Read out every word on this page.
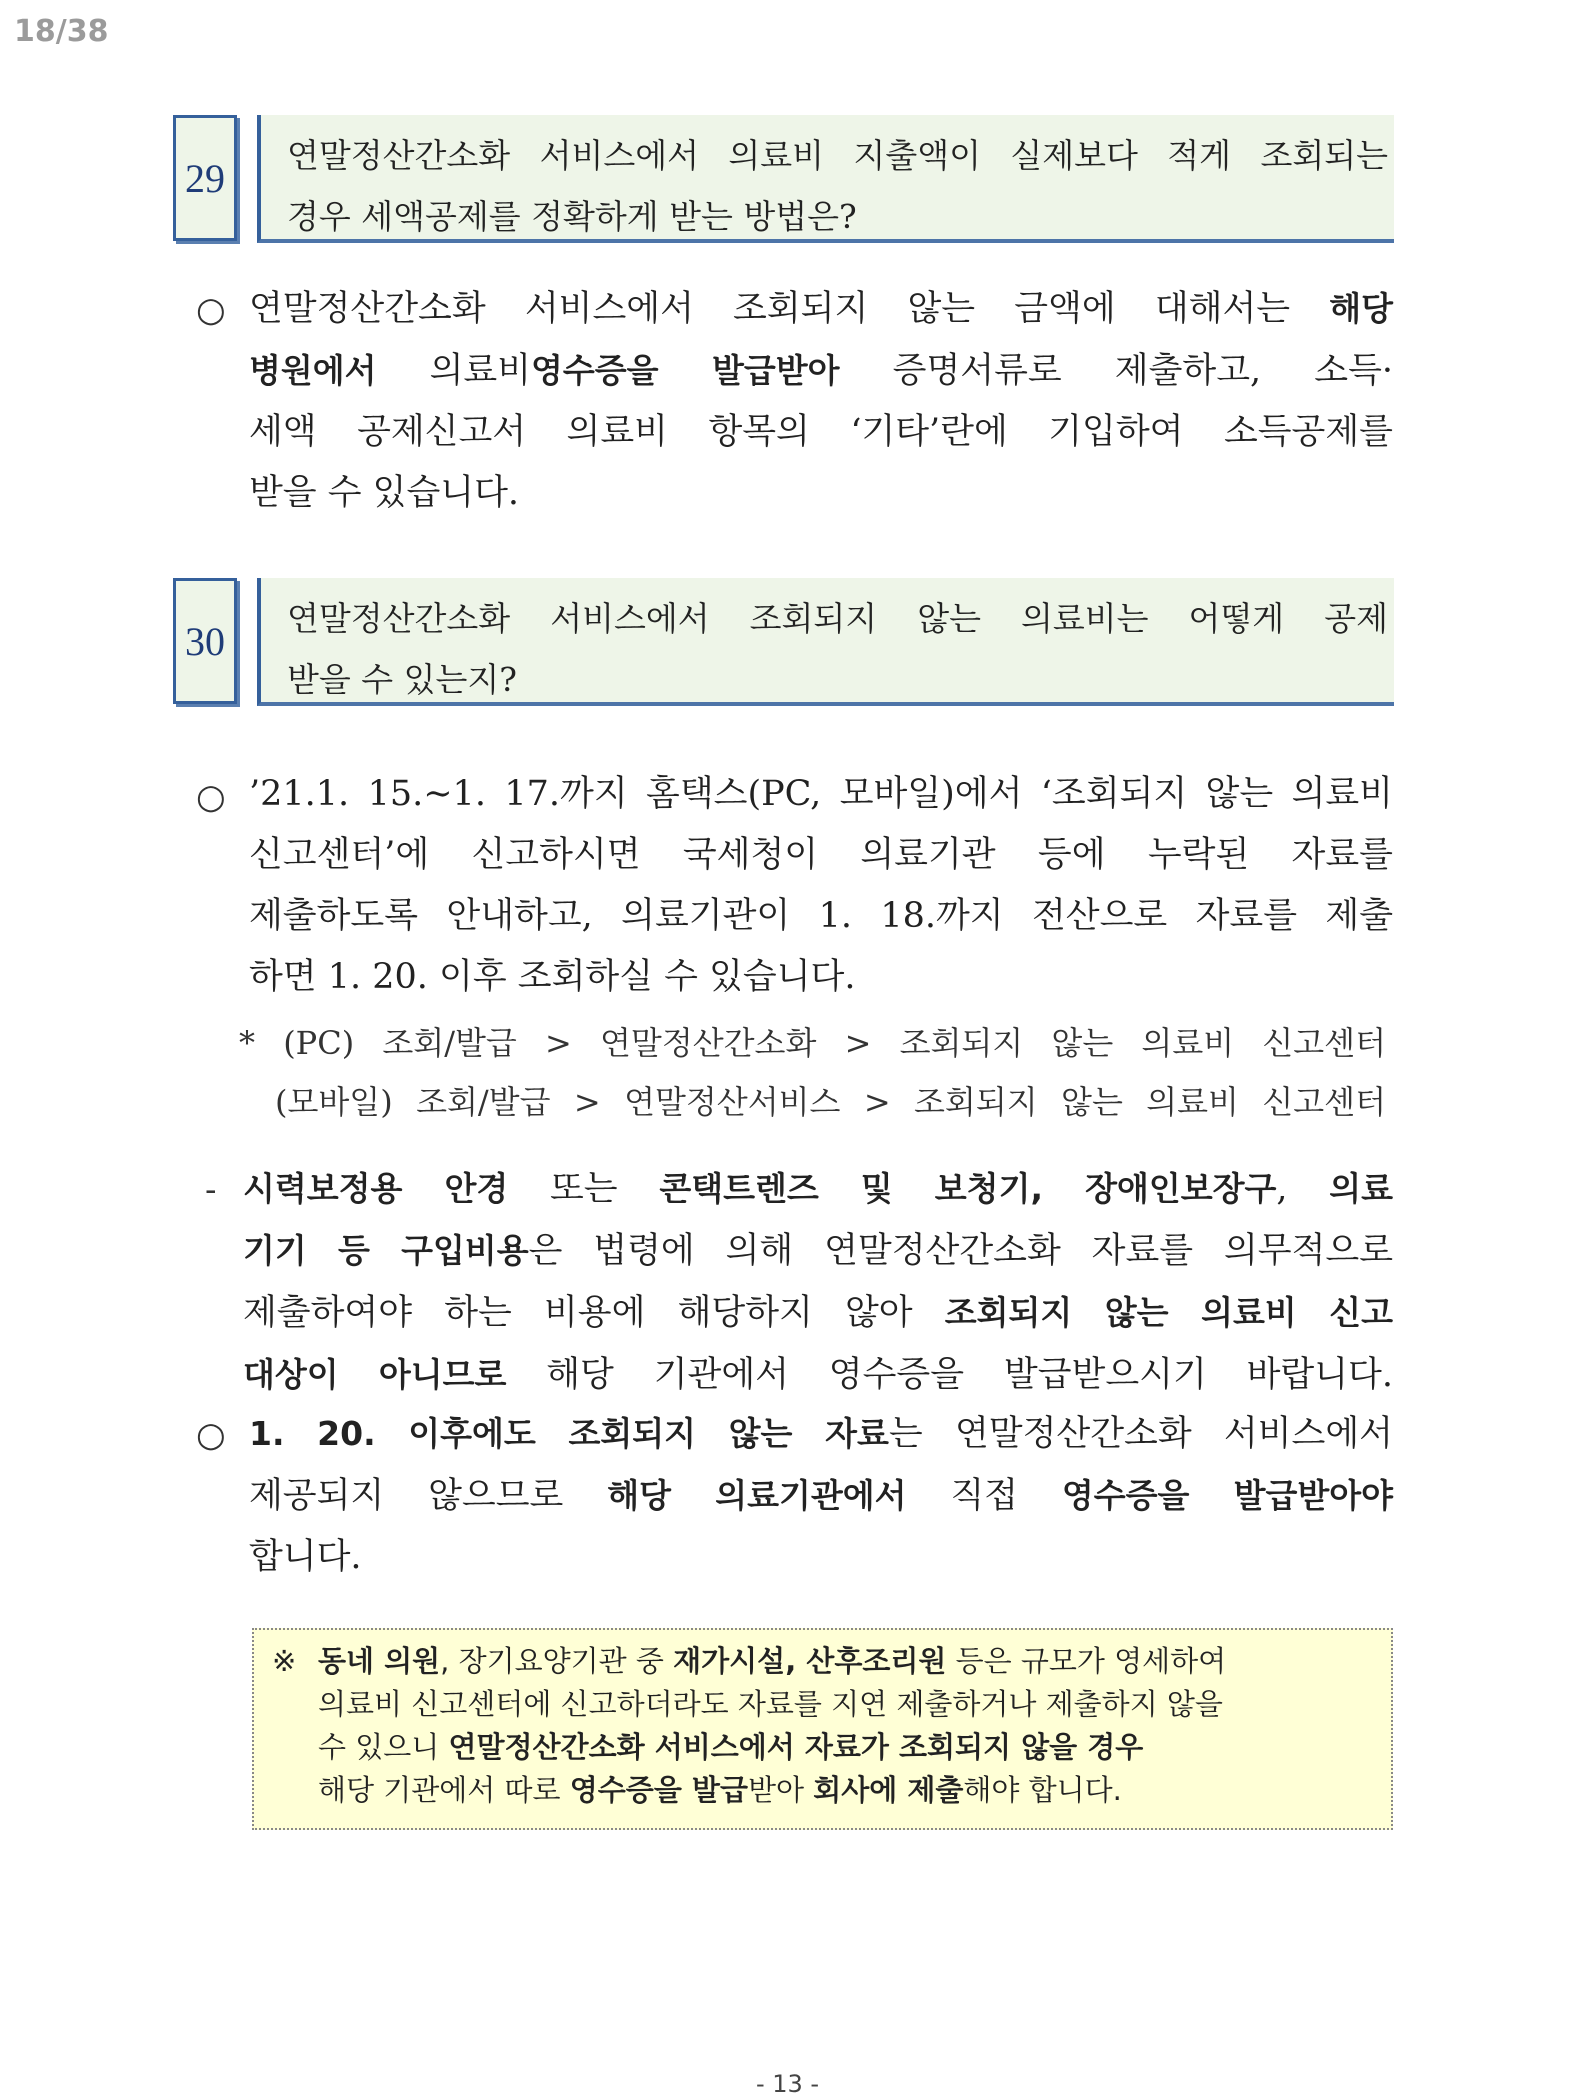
18/38
29	연말정산간소화 서비스에서 의료비 지출액이 실제보다 적게 조회되는
경우 세액공제를 정확하게 받는 방법은?
○ 연말정산간소화 서비스에서 조회되지 않는 금액에 대해서는 해당
병원에서 의료비영수증을 발급받아 증명서류로 제출하고, 소득·
세액 공제신고서 의료비 항목의 ‘기타’란에 기입하여 소득공제를
받을 수 있습니다.
30	연말정산간소화 서비스에서 조회되지 않는 의료비는 어떻게 공제
받을 수 있는지?
○ ’21.1. 15.∼1. 17.까지 홈택스(PC, 모바일)에서 ‘조회되지 않는 의료비
신고센터’에 신고하시면 국세청이 의료기관 등에 누락된 자료를
제출하도록 안내하고, 의료기관이 1. 18.까지 전산으로 자료를 제출
하면 1. 20. 이후 조회하실 수 있습니다.
* (PC) 조회/발급 > 연말정산간소화 > 조회되지 않는 의료비 신고센터
(모바일) 조회/발급 > 연말정산서비스 > 조회되지 않는 의료비 신고센터
- 시력보정용 안경 또는 콘택트렌즈 및 보청기, 장애인보장구, 의료
기기 등 구입비용은 법령에 의해 연말정산간소화 자료를 의무적으로
제출하여야 하는 비용에 해당하지 않아 조회되지 않는 의료비 신고
대상이 아니므로 해당 기관에서 영수증을 발급받으시기 바랍니다.
○ 1. 20. 이후에도 조회되지 않는 자료는 연말정산간소화 서비스에서
제공되지 않으므로 해당 의료기관에서 직접 영수증을 발급받아야
합니다.
※ 동네 의원, 장기요양기관 중 재가시설, 산후조리원 등은 규모가 영세하여
의료비 신고센터에 신고하더라도 자료를 지연 제출하거나 제출하지 않을
수 있으니 연말정산간소화 서비스에서 자료가 조회되지 않을 경우
해당 기관에서 따로 영수증을 발급받아 회사에 제출해야 합니다.
- 13 -
